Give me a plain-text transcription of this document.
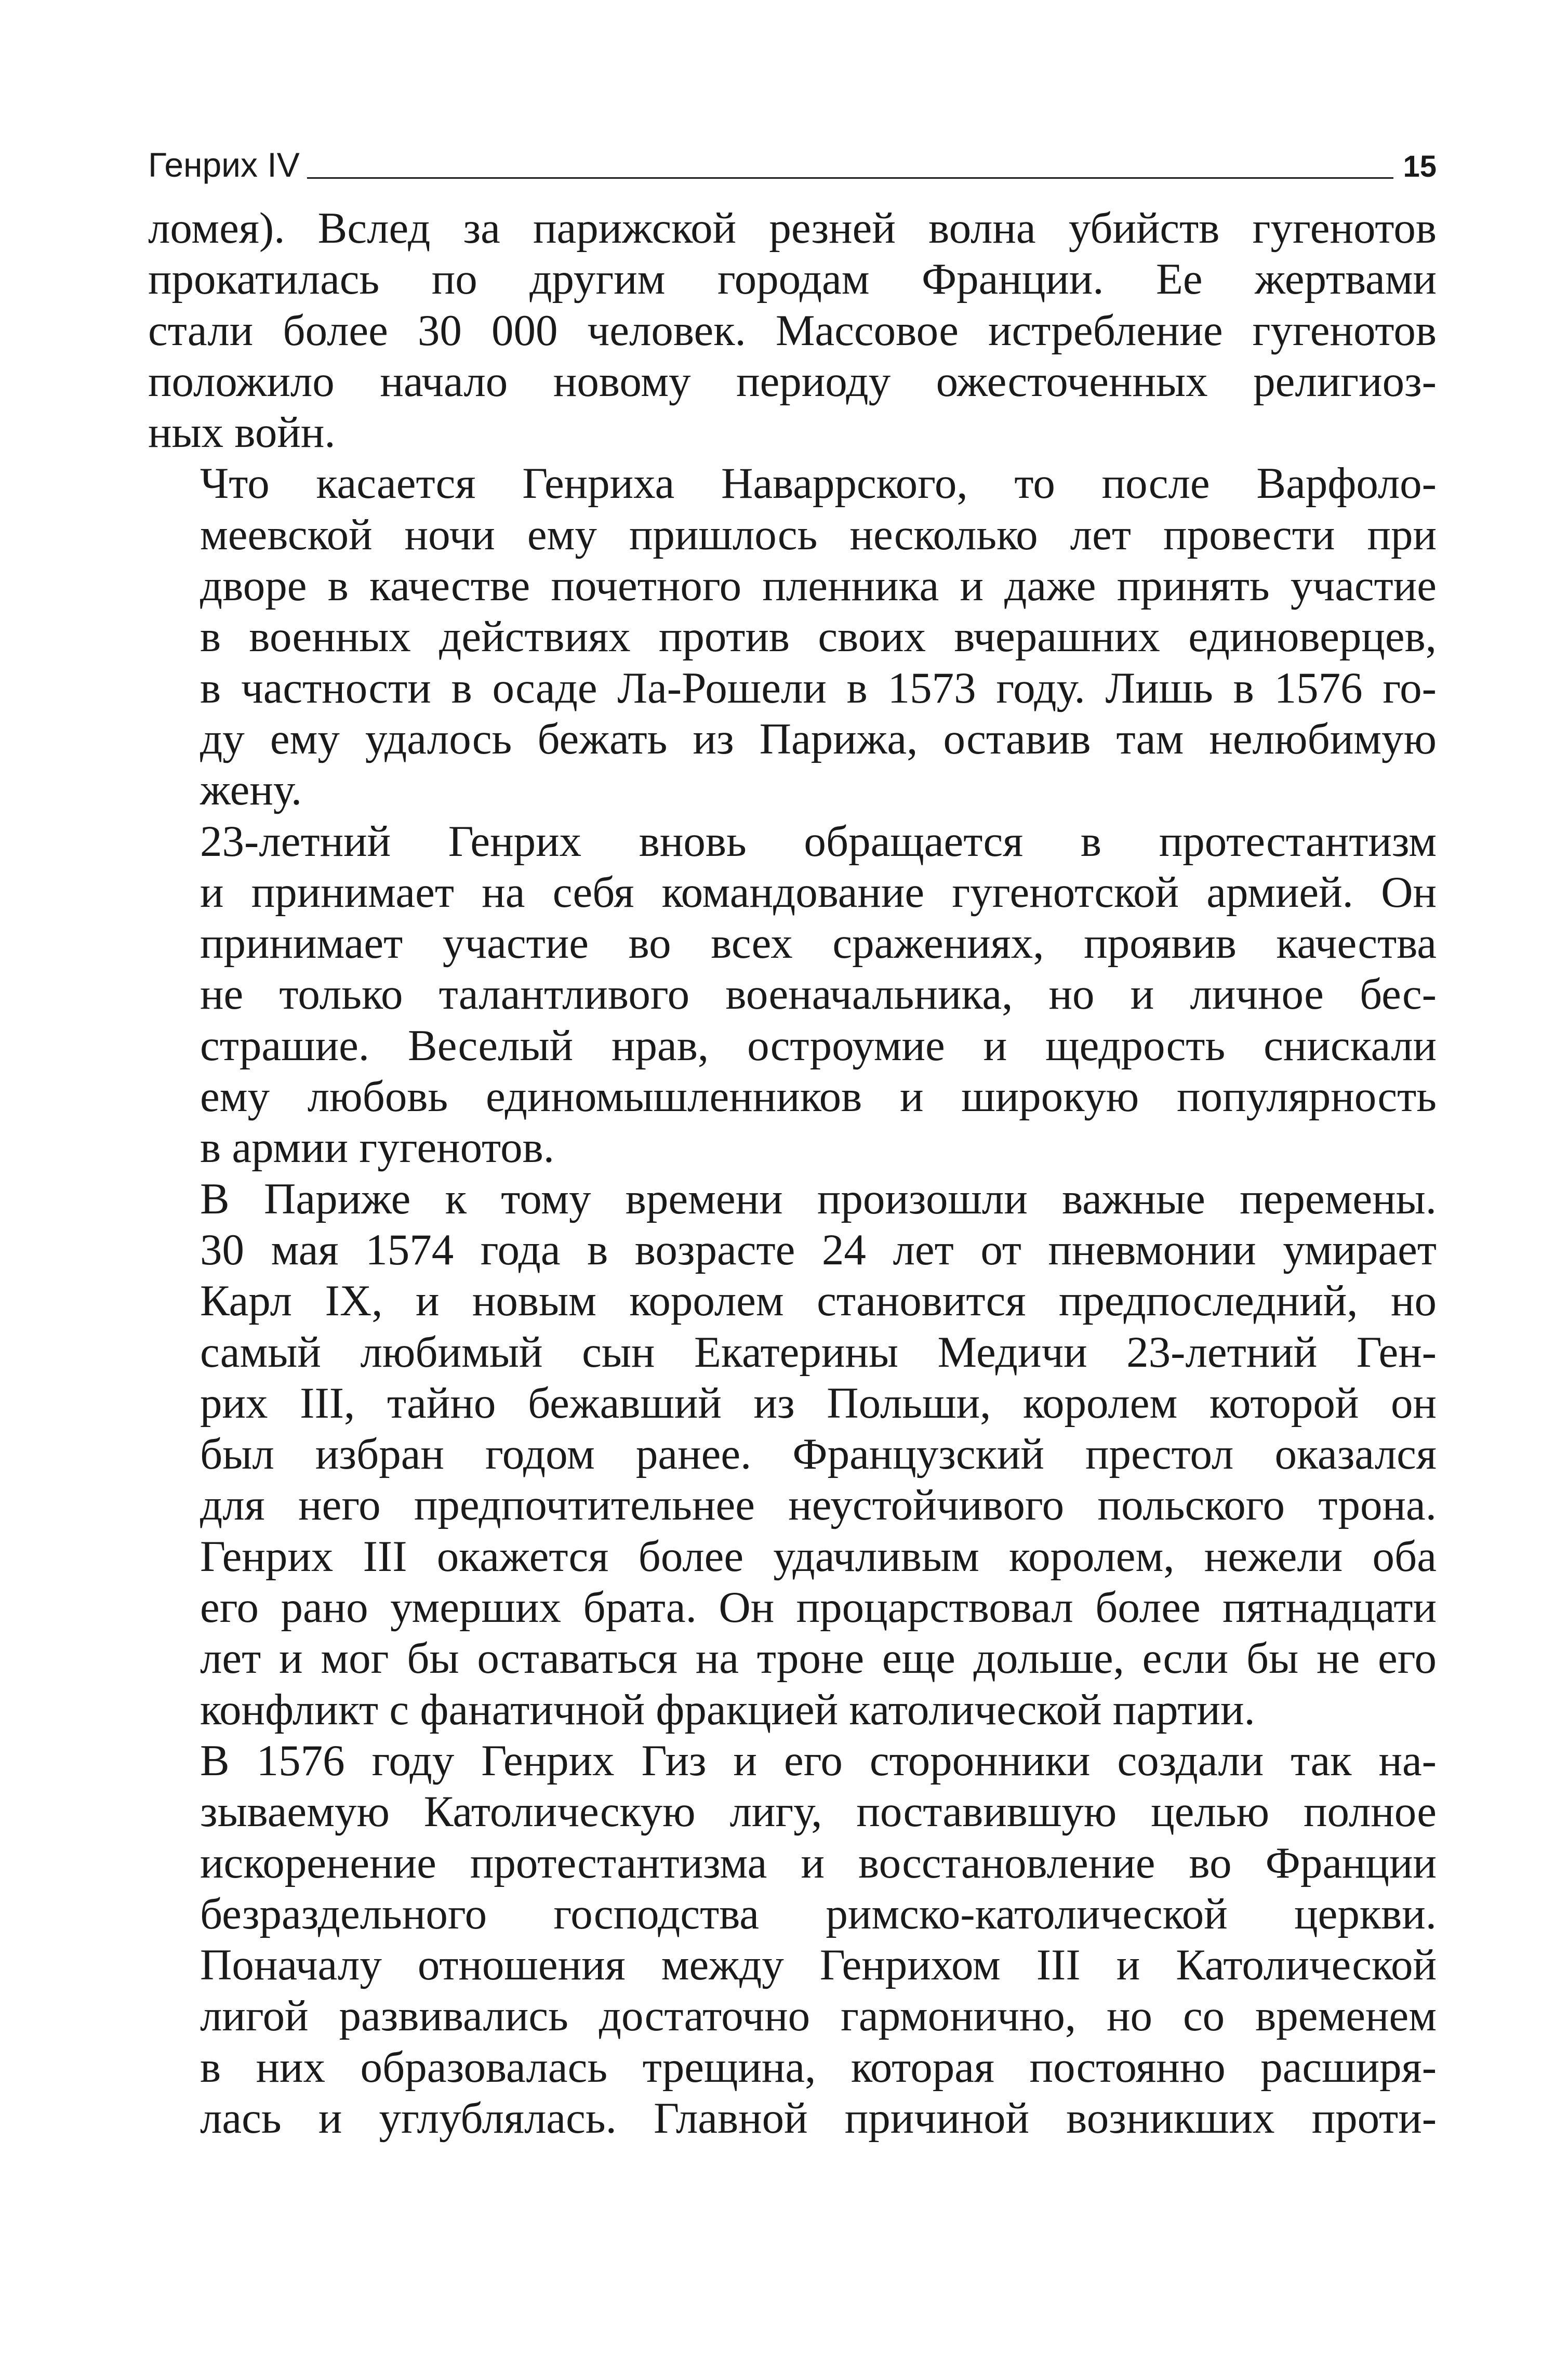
Генрих IV	15

ломея). Вслед за парижской резней волна убийств гугенотов
прокатилась по другим городам Франции. Ее жертвами
стали более 30 000 человек. Массовое истребление гугенотов
положило начало новому периоду ожесточенных религиоз-
ных войн.

Что касается Генриха Наваррского, то после Варфоло-
меевской ночи ему пришлось несколько лет провести при
дворе в качестве почетного пленника и даже принять участие
в военных действиях против своих вчерашних единоверцев,
в частности в осаде Ла-Рошели в 1573 году. Лишь в 1576 го-
ду ему удалось бежать из Парижа, оставив там нелюбимую
жену.

23-летний Генрих вновь обращается в протестантизм
и принимает на себя командование гугенотской армией. Он
принимает участие во всех сражениях, проявив качества
не только талантливого военачальника, но и личное бес-
страшие. Веселый нрав, остроумие и щедрость снискали
ему любовь единомышленников и широкую популярность
в армии гугенотов.

В Париже к тому времени произошли важные перемены.
30 мая 1574 года в возрасте 24 лет от пневмонии умирает
Карл IX, и новым королем становится предпоследний, но
самый любимый сын Екатерины Медичи 23-летний Ген-
рих III, тайно бежавший из Польши, королем которой он
был избран годом ранее. Французский престол оказался
для него предпочтительнее неустойчивого польского трона.
Генрих III окажется более удачливым королем, нежели оба
его рано умерших брата. Он процарствовал более пятнадцати
лет и мог бы оставаться на троне еще дольше, если бы не его
конфликт с фанатичной фракцией католической партии.

В 1576 году Генрих Гиз и его сторонники создали так на-
зываемую Католическую лигу, поставившую целью полное
искоренение протестантизма и восстановление во Франции
безраздельного господства римско-католической церкви.
Поначалу отношения между Генрихом III и Католической
лигой развивались достаточно гармонично, но со временем
в них образовалась трещина, которая постоянно расширя-
лась и углублялась. Главной причиной возникших проти-
